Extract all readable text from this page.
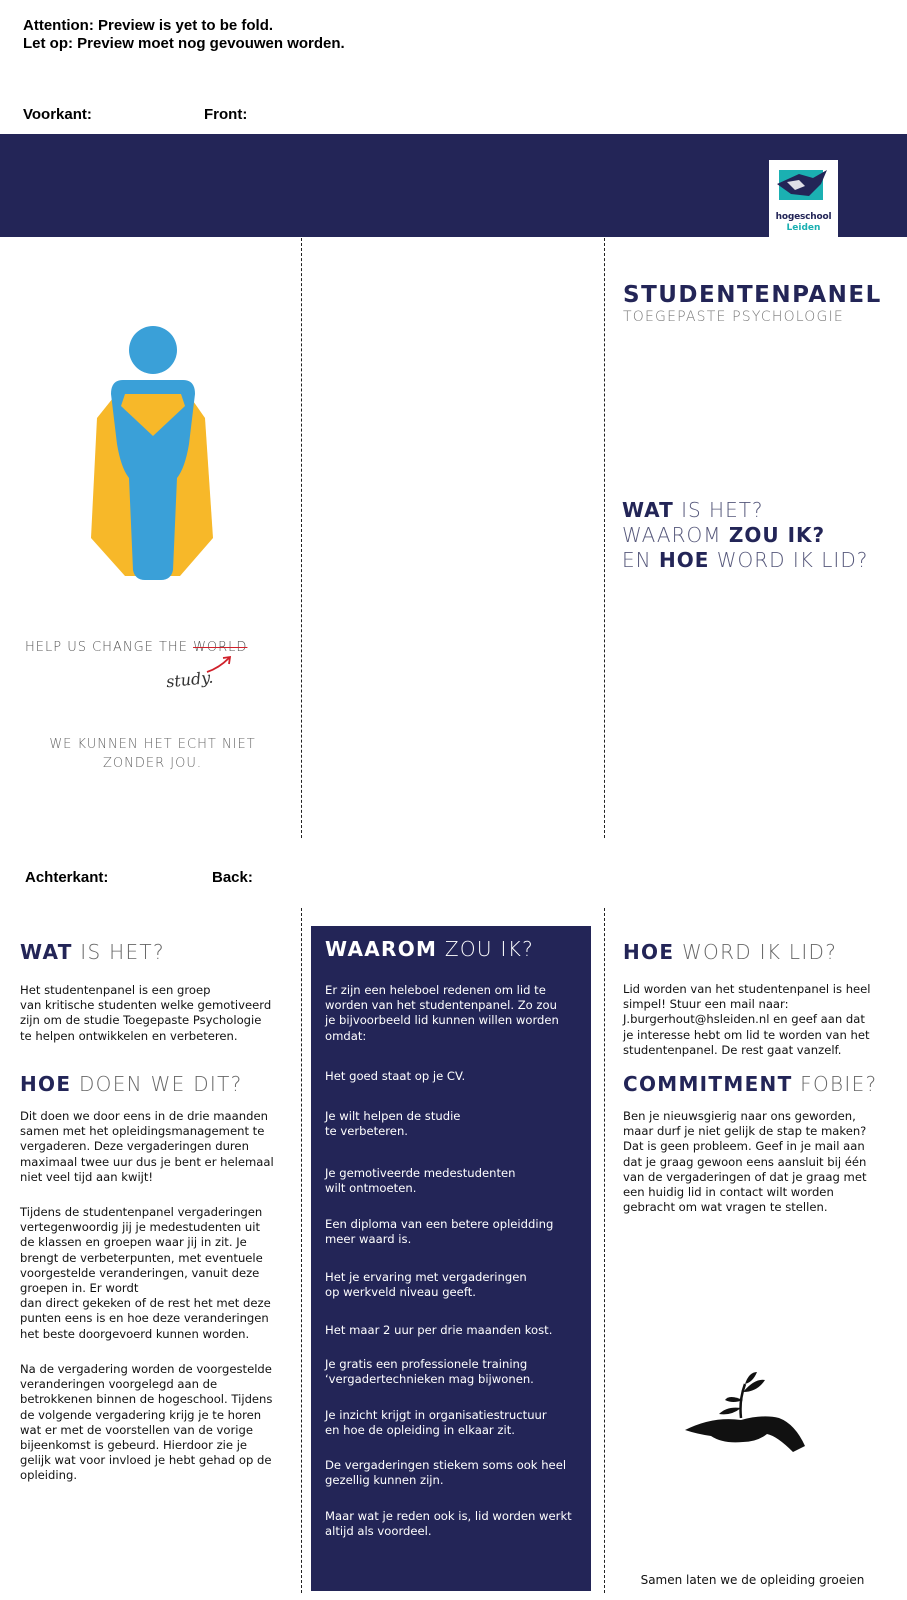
Attention: Preview is yet to be fold.
Let op: Preview moet nog gevouwen worden.
Voorkant:	Front:
hogeschool
Leiden
HELP US CHANGE THE WORLD
study.
WE KUNNEN HET ECHT NIET
ZONDER JOU.
STUDENTENPANEL
TOEGEPASTE PSYCHOLOGIE
WAT IS HET?
WAAROM ZOU IK?
EN HOE WORD IK LID?
Achterkant:	Back:
WAT IS HET?
Het studentenpanel is een groep
van kritische studenten welke gemotiveerd
zijn om de studie Toegepaste Psychologie
te helpen ontwikkelen en verbeteren.
HOE DOEN WE DIT?
Dit doen we door eens in de drie maanden
samen met het opleidingsmanagement te
vergaderen. Deze vergaderingen duren
maximaal twee uur dus je bent er helemaal
niet veel tijd aan kwijt!
Tijdens de studentenpanel vergaderingen
vertegenwoordig jij je medestudenten uit
de klassen en groepen waar jij in zit. Je
brengt de verbeterpunten, met eventuele
voorgestelde veranderingen, vanuit deze
groepen in. Er wordt
dan direct gekeken of de rest het met deze
punten eens is en hoe deze veranderingen
het beste doorgevoerd kunnen worden.
Na de vergadering worden de voorgestelde
veranderingen voorgelegd aan de
betrokkenen binnen de hogeschool. Tijdens
de volgende vergadering krijg je te horen
wat er met de voorstellen van de vorige
bijeenkomst is gebeurd. Hierdoor zie je
gelijk wat voor invloed je hebt gehad op de
opleiding.
WAAROM ZOU IK?
Er zijn een heleboel redenen om lid te
worden van het studentenpanel. Zo zou
je bijvoorbeeld lid kunnen willen worden
omdat:
Het goed staat op je CV.
Je wilt helpen de studie
te verbeteren.
Je gemotiveerde medestudenten
wilt ontmoeten.
Een diploma van een betere opleidding
meer waard is.
Het je ervaring met vergaderingen
op werkveld niveau geeft.
Het maar 2 uur per drie maanden kost.
Je gratis een professionele training
‘vergadertechnieken mag bijwonen.
Je inzicht krijgt in organisatiestructuur
en hoe de opleiding in elkaar zit.
De vergaderingen stiekem soms ook heel
gezellig kunnen zijn.
Maar wat je reden ook is, lid worden werkt
altijd als voordeel.
HOE WORD IK LID?
Lid worden van het studentenpanel is heel
simpel! Stuur een mail naar:
J.burgerhout@hsleiden.nl en geef aan dat
je interesse hebt om lid te worden van het
studentenpanel. De rest gaat vanzelf.
COMMITMENT FOBIE?
Ben je nieuwsgierig naar ons geworden,
maar durf je niet gelijk de stap te maken?
Dat is geen probleem. Geef in je mail aan
dat je graag gewoon eens aansluit bij één
van de vergaderingen of dat je graag met
een huidig lid in contact wilt worden
gebracht om wat vragen te stellen.
Samen laten we de opleiding groeien
